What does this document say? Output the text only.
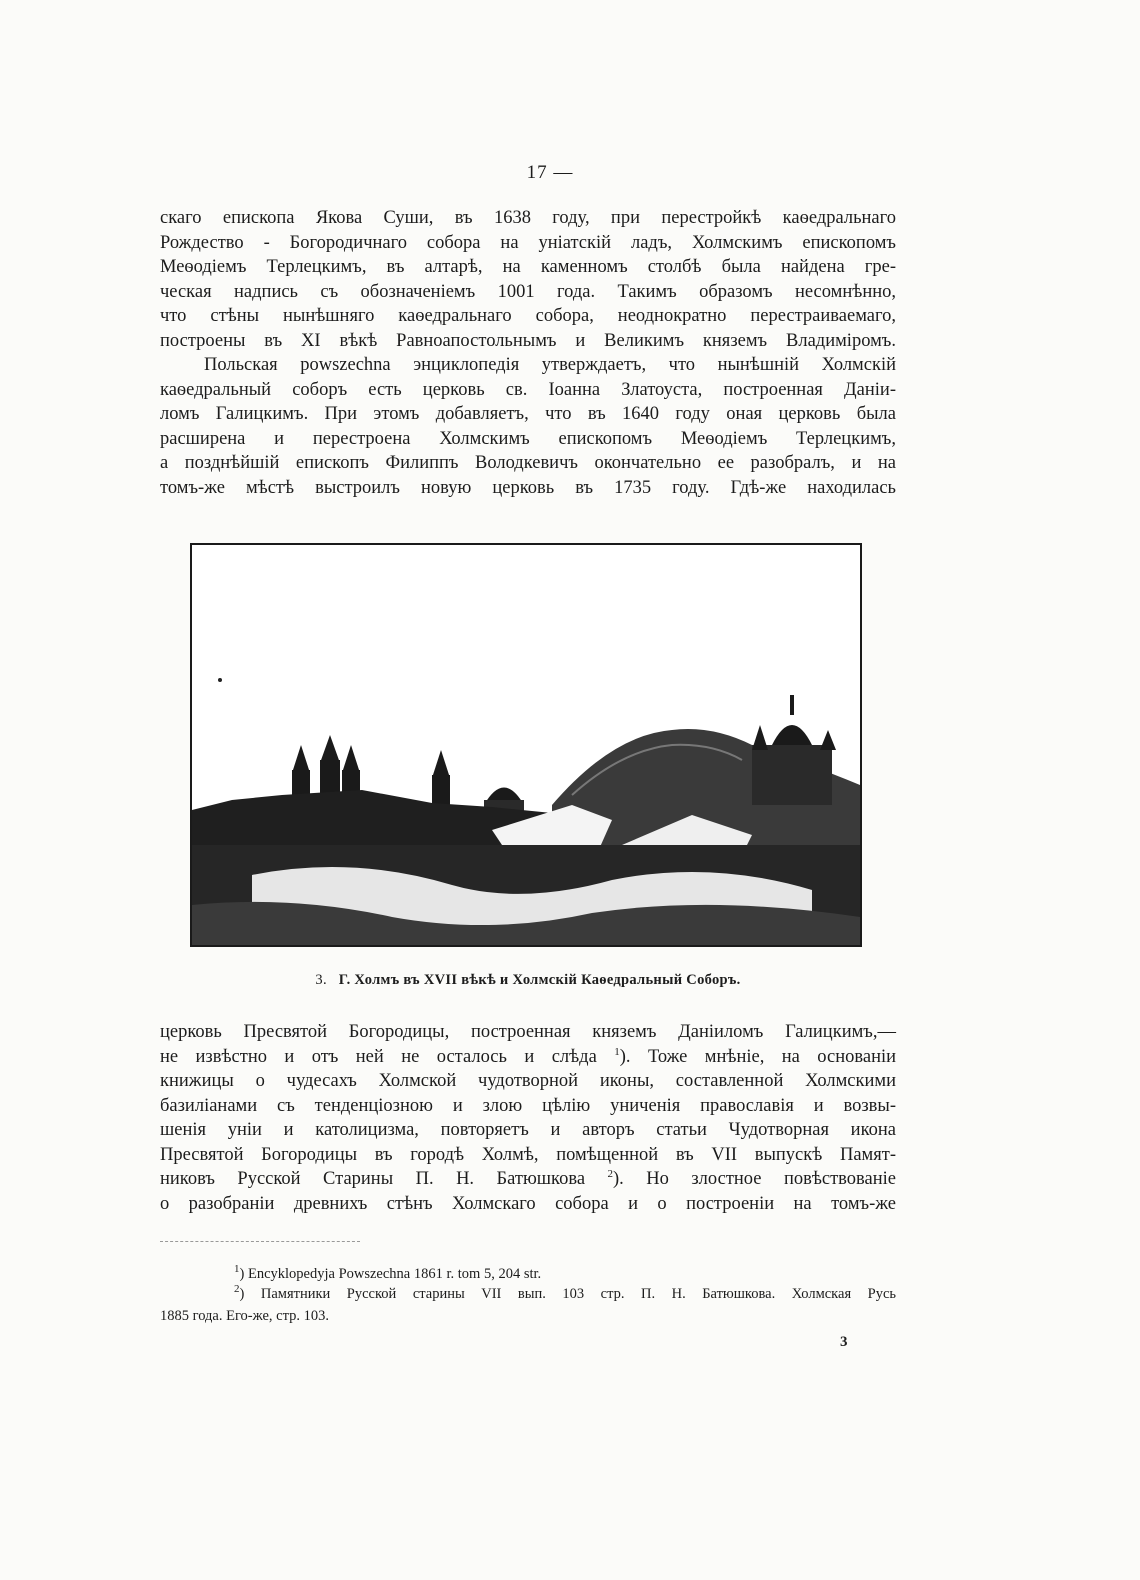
17 —
скаго епископа Якова Суши, въ 1638 году, при перестройкѣ каѳедральнаго
Рождество - Богородичнаго собора на уніатскій ладъ, Холмскимъ епископомъ
Меѳодіемъ Терлецкимъ, въ алтарѣ, на каменномъ столбѣ была найдена гре-
ческая надпись съ обозначеніемъ 1001 года. Такимъ образомъ несомнѣнно,
что стѣны нынѣшняго каѳедральнаго собора, неоднократно перестраиваемаго,
построены въ XI вѣкѣ Равноапостольнымъ и Великимъ княземъ Владиміромъ.
Польская powszechna энциклопедія утверждаетъ, что нынѣшній Холмскій
каѳедральный соборъ есть церковь св. Іоанна Златоуста, построенная Даніи-
ломъ Галицкимъ. При этомъ добавляетъ, что въ 1640 году оная церковь была
расширена и перестроена Холмскимъ епископомъ Меѳодіемъ Терлецкимъ,
а позднѣйшій епископъ Филиппъ Володкевичъ окончательно ее разобралъ, и на
томъ-же мѣстѣ выстроилъ новую церковь въ 1735 году. Гдѣ-же находилась
3. Г. Холмъ въ XVII вѣкѣ и Холмскій Каѳедральный Соборъ.
церковь Пресвятой Богородицы, построенная княземъ Даніиломъ Галицкимъ,—
не извѣстно и отъ ней не осталось и слѣда $^1$). Тоже мнѣніе, на основаніи
книжицы о чудесахъ Холмской чудотворной иконы, составленной Холмскими
базиліанами съ тенденціозною и злою цѣлію униченія православія и возвы-
шенія уніи и католицизма, повторяетъ и авторъ статьи Чудотворная икона
Пресвятой Богородицы въ городѣ Холмѣ, помѣщенной въ VII выпускѣ Памят-
никовъ Русской Старины П. Н. Батюшкова $^2$). Но злостное повѣствованіе
о разобраніи древнихъ стѣнъ Холмскаго собора и о построеніи на томъ-же
$^1$) Encyklopedyja Powszechna 1861 r. tom 5, 204 str.
$^2$) Памятники Русской старины VII вып. 103 стр. П. Н. Батюшкова. Холмская Русь
1885 года. Его-же, стр. 103.
3
